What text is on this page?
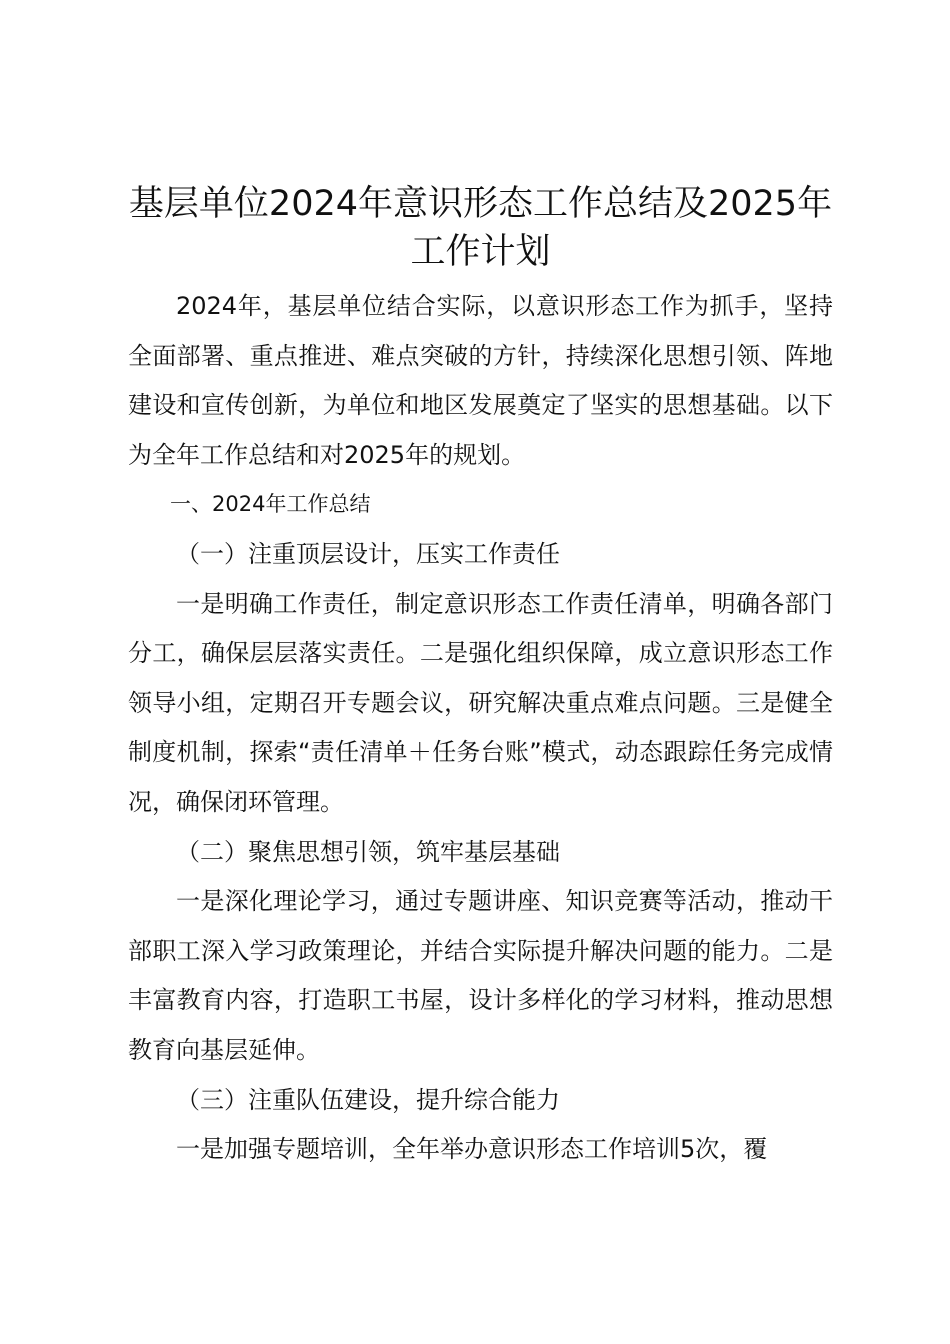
基层单位2024年意识形态工作总结及2025年工作计划

2024年，基层单位结合实际，以意识形态工作为抓手，坚持全面部署、重点推进、难点突破的方针，持续深化思想引领、阵地建设和宣传创新，为单位和地区发展奠定了坚实的思想基础。以下为全年工作总结和对2025年的规划。

一、2024年工作总结

（一）注重顶层设计，压实工作责任

一是明确工作责任，制定意识形态工作责任清单，明确各部门分工，确保层层落实责任。二是强化组织保障，成立意识形态工作领导小组，定期召开专题会议，研究解决重点难点问题。三是健全制度机制，探索“责任清单＋任务台账”模式，动态跟踪任务完成情况，确保闭环管理。

（二）聚焦思想引领，筑牢基层基础

一是深化理论学习，通过专题讲座、知识竞赛等活动，推动干部职工深入学习政策理论，并结合实际提升解决问题的能力。二是丰富教育内容，打造职工书屋，设计多样化的学习材料，推动思想教育向基层延伸。

（三）注重队伍建设，提升综合能力

一是加强专题培训，全年举办意识形态工作培训5次，覆
